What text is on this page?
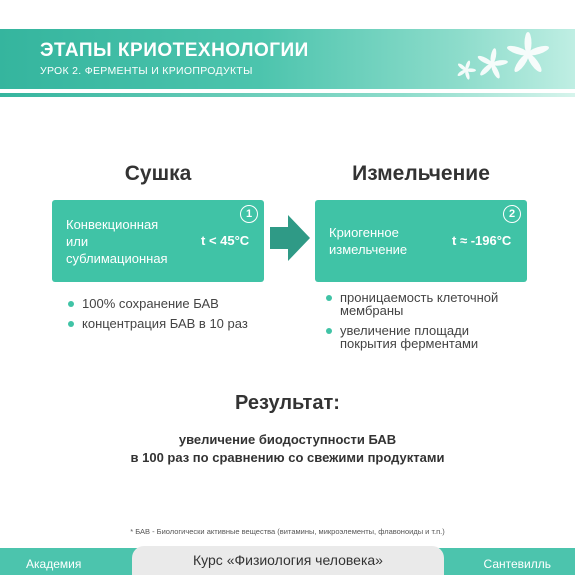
ЭТАПЫ КРИОТЕХНОЛОГИИ
УРОК 2. ФЕРМЕНТЫ И КРИОПРОДУКТЫ
Сушка
Конвекционная
или
сублимационная
t < 45°C
1
100% сохранение БАВ
концентрация БАВ в 10 раз
Измельчение
Криогенное
измельчение
t ≈ -196°C
2
проницаемость клеточной
мембраны
увеличение площади
покрытия ферментами
Результат:
увеличение биодоступности БАВ
в 100 раз по сравнению со свежими продуктами
* БАВ - Биологически активные вещества (витамины, микроэлементы, флавоноиды и т.п.)
Академия	Курс «Физиология человека»	Сантевилль
